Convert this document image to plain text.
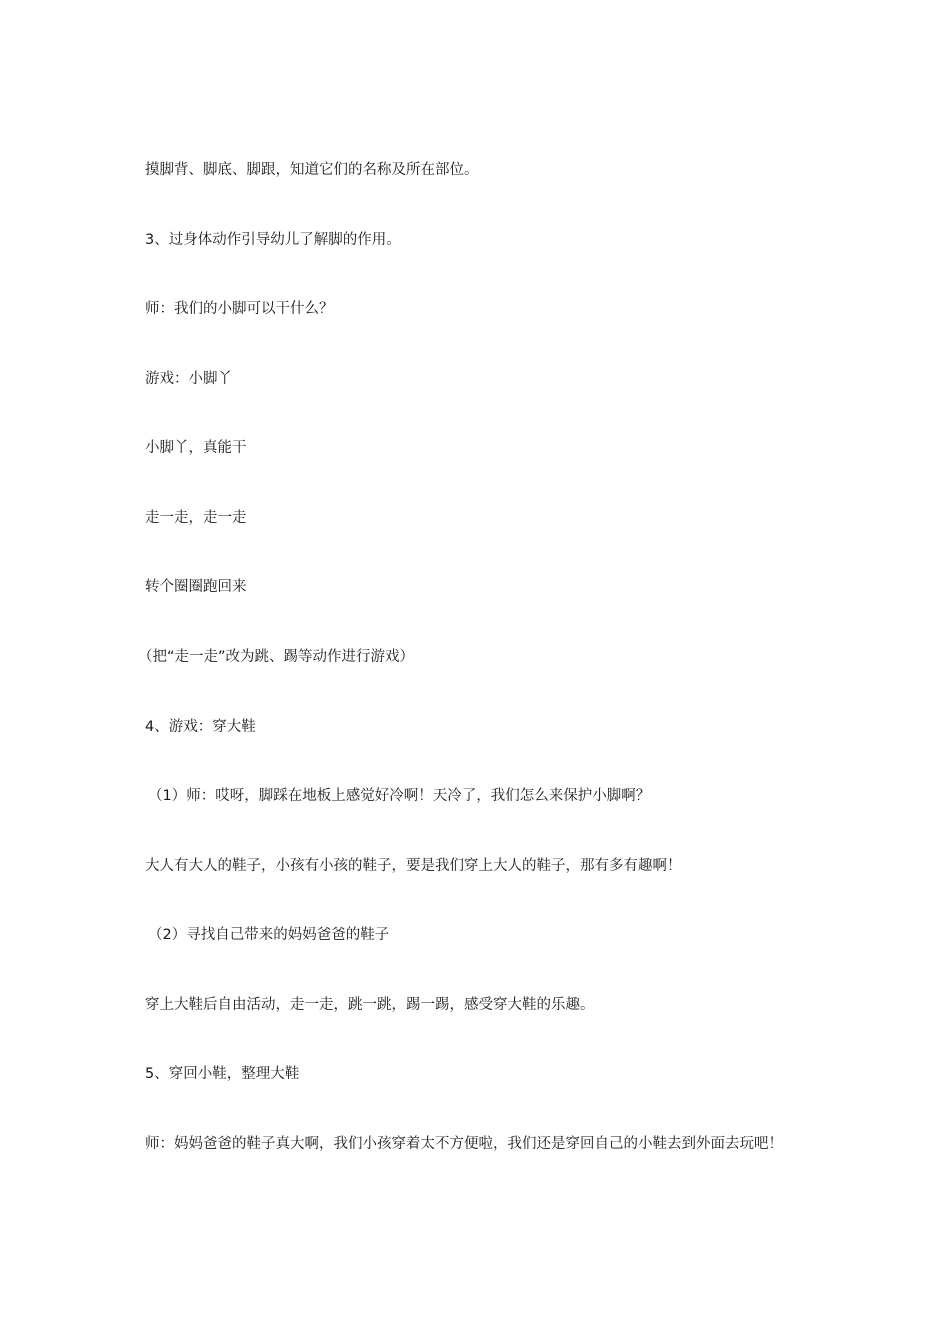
摸脚背、脚底、脚跟，知道它们的名称及所在部位。

3、过身体动作引导幼儿了解脚的作用。

师：我们的小脚可以干什么？

游戏：小脚丫

小脚丫，真能干

走一走，走一走

转个圈圈跑回来

（把“走一走”改为跳、踢等动作进行游戏）

4、游戏：穿大鞋

（1）师：哎呀，脚踩在地板上感觉好冷啊！天冷了，我们怎么来保护小脚啊？

大人有大人的鞋子，小孩有小孩的鞋子，要是我们穿上大人的鞋子，那有多有趣啊！

（2）寻找自己带来的妈妈爸爸的鞋子

穿上大鞋后自由活动，走一走，跳一跳，踢一踢，感受穿大鞋的乐趣。

5、穿回小鞋，整理大鞋

师：妈妈爸爸的鞋子真大啊，我们小孩穿着太不方便啦，我们还是穿回自己的小鞋去到外面去玩吧！
